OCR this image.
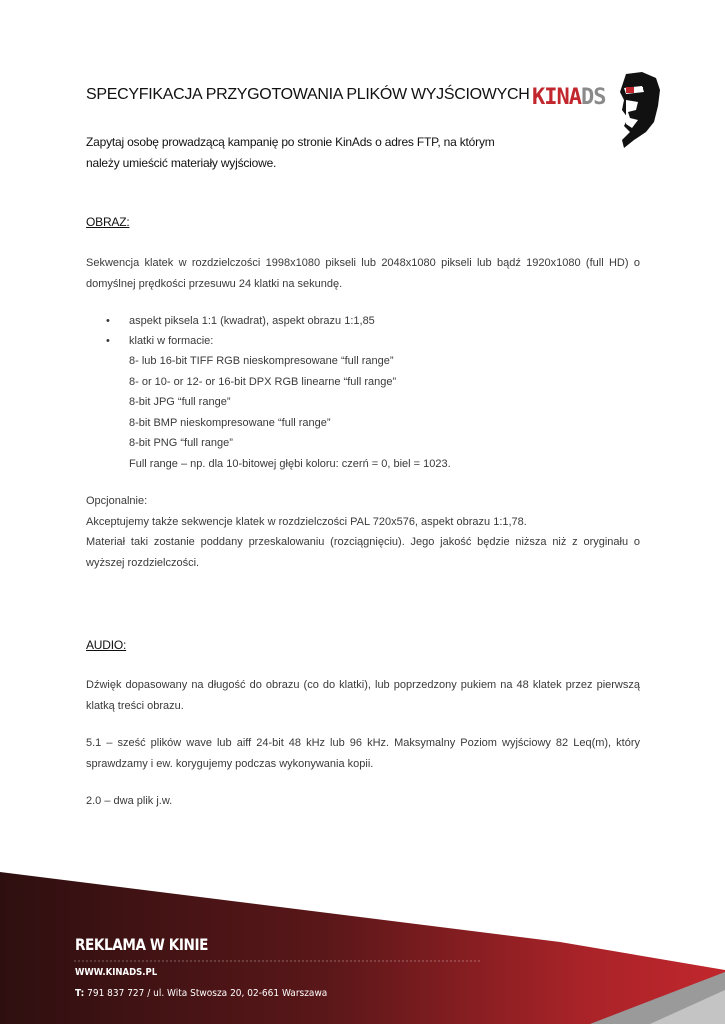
SPECYFIKACJA PRZYGOTOWANIA PLIKÓW WYJŚCIOWYCH KINADS
Zapytaj osobę prowadzącą kampanię po stronie KinAds o adres FTP, na którym
należy umieścić materiały wyjściowe.
OBRAZ:
Sekwencja klatek w rozdzielczości 1998x1080 pikseli lub 2048x1080 pikseli lub bądź 1920x1080 (full HD) o domyślnej prędkości przesuwu 24 klatki na sekundę.
• aspekt piksela 1:1 (kwadrat), aspekt obrazu 1:1,85
• klatki w formacie:
8- lub 16-bit TIFF RGB nieskompresowane “full range”
8- or 10- or 12- or 16-bit DPX RGB linearne “full range”
8-bit JPG “full range”
8-bit BMP nieskompresowane “full range”
8-bit PNG “full range”
Full range – np. dla 10-bitowej głębi koloru: czerń = 0, biel = 1023.
Opcjonalnie:
Akceptujemy także sekwencje klatek w rozdzielczości PAL 720x576, aspekt obrazu 1:1,78.
Materiał taki zostanie poddany przeskalowaniu (rozciągnięciu). Jego jakość będzie niższa niż z oryginału o wyższej rozdzielczości.
AUDIO:
Dźwięk dopasowany na długość do obrazu (co do klatki), lub poprzedzony pukiem na 48 klatek przez pierwszą klatką treści obrazu.
5.1 – sześć plików wave lub aiff 24-bit 48 kHz lub 96 kHz. Maksymalny Poziom wyjściowy 82 Leq(m), który sprawdzamy i ew. korygujemy podczas wykonywania kopii.
2.0 – dwa plik j.w.
REKLAMA W KINIE
WWW.KINADS.PL
T: 791 837 727 / ul. Wita Stwosza 20, 02-661 Warszawa
